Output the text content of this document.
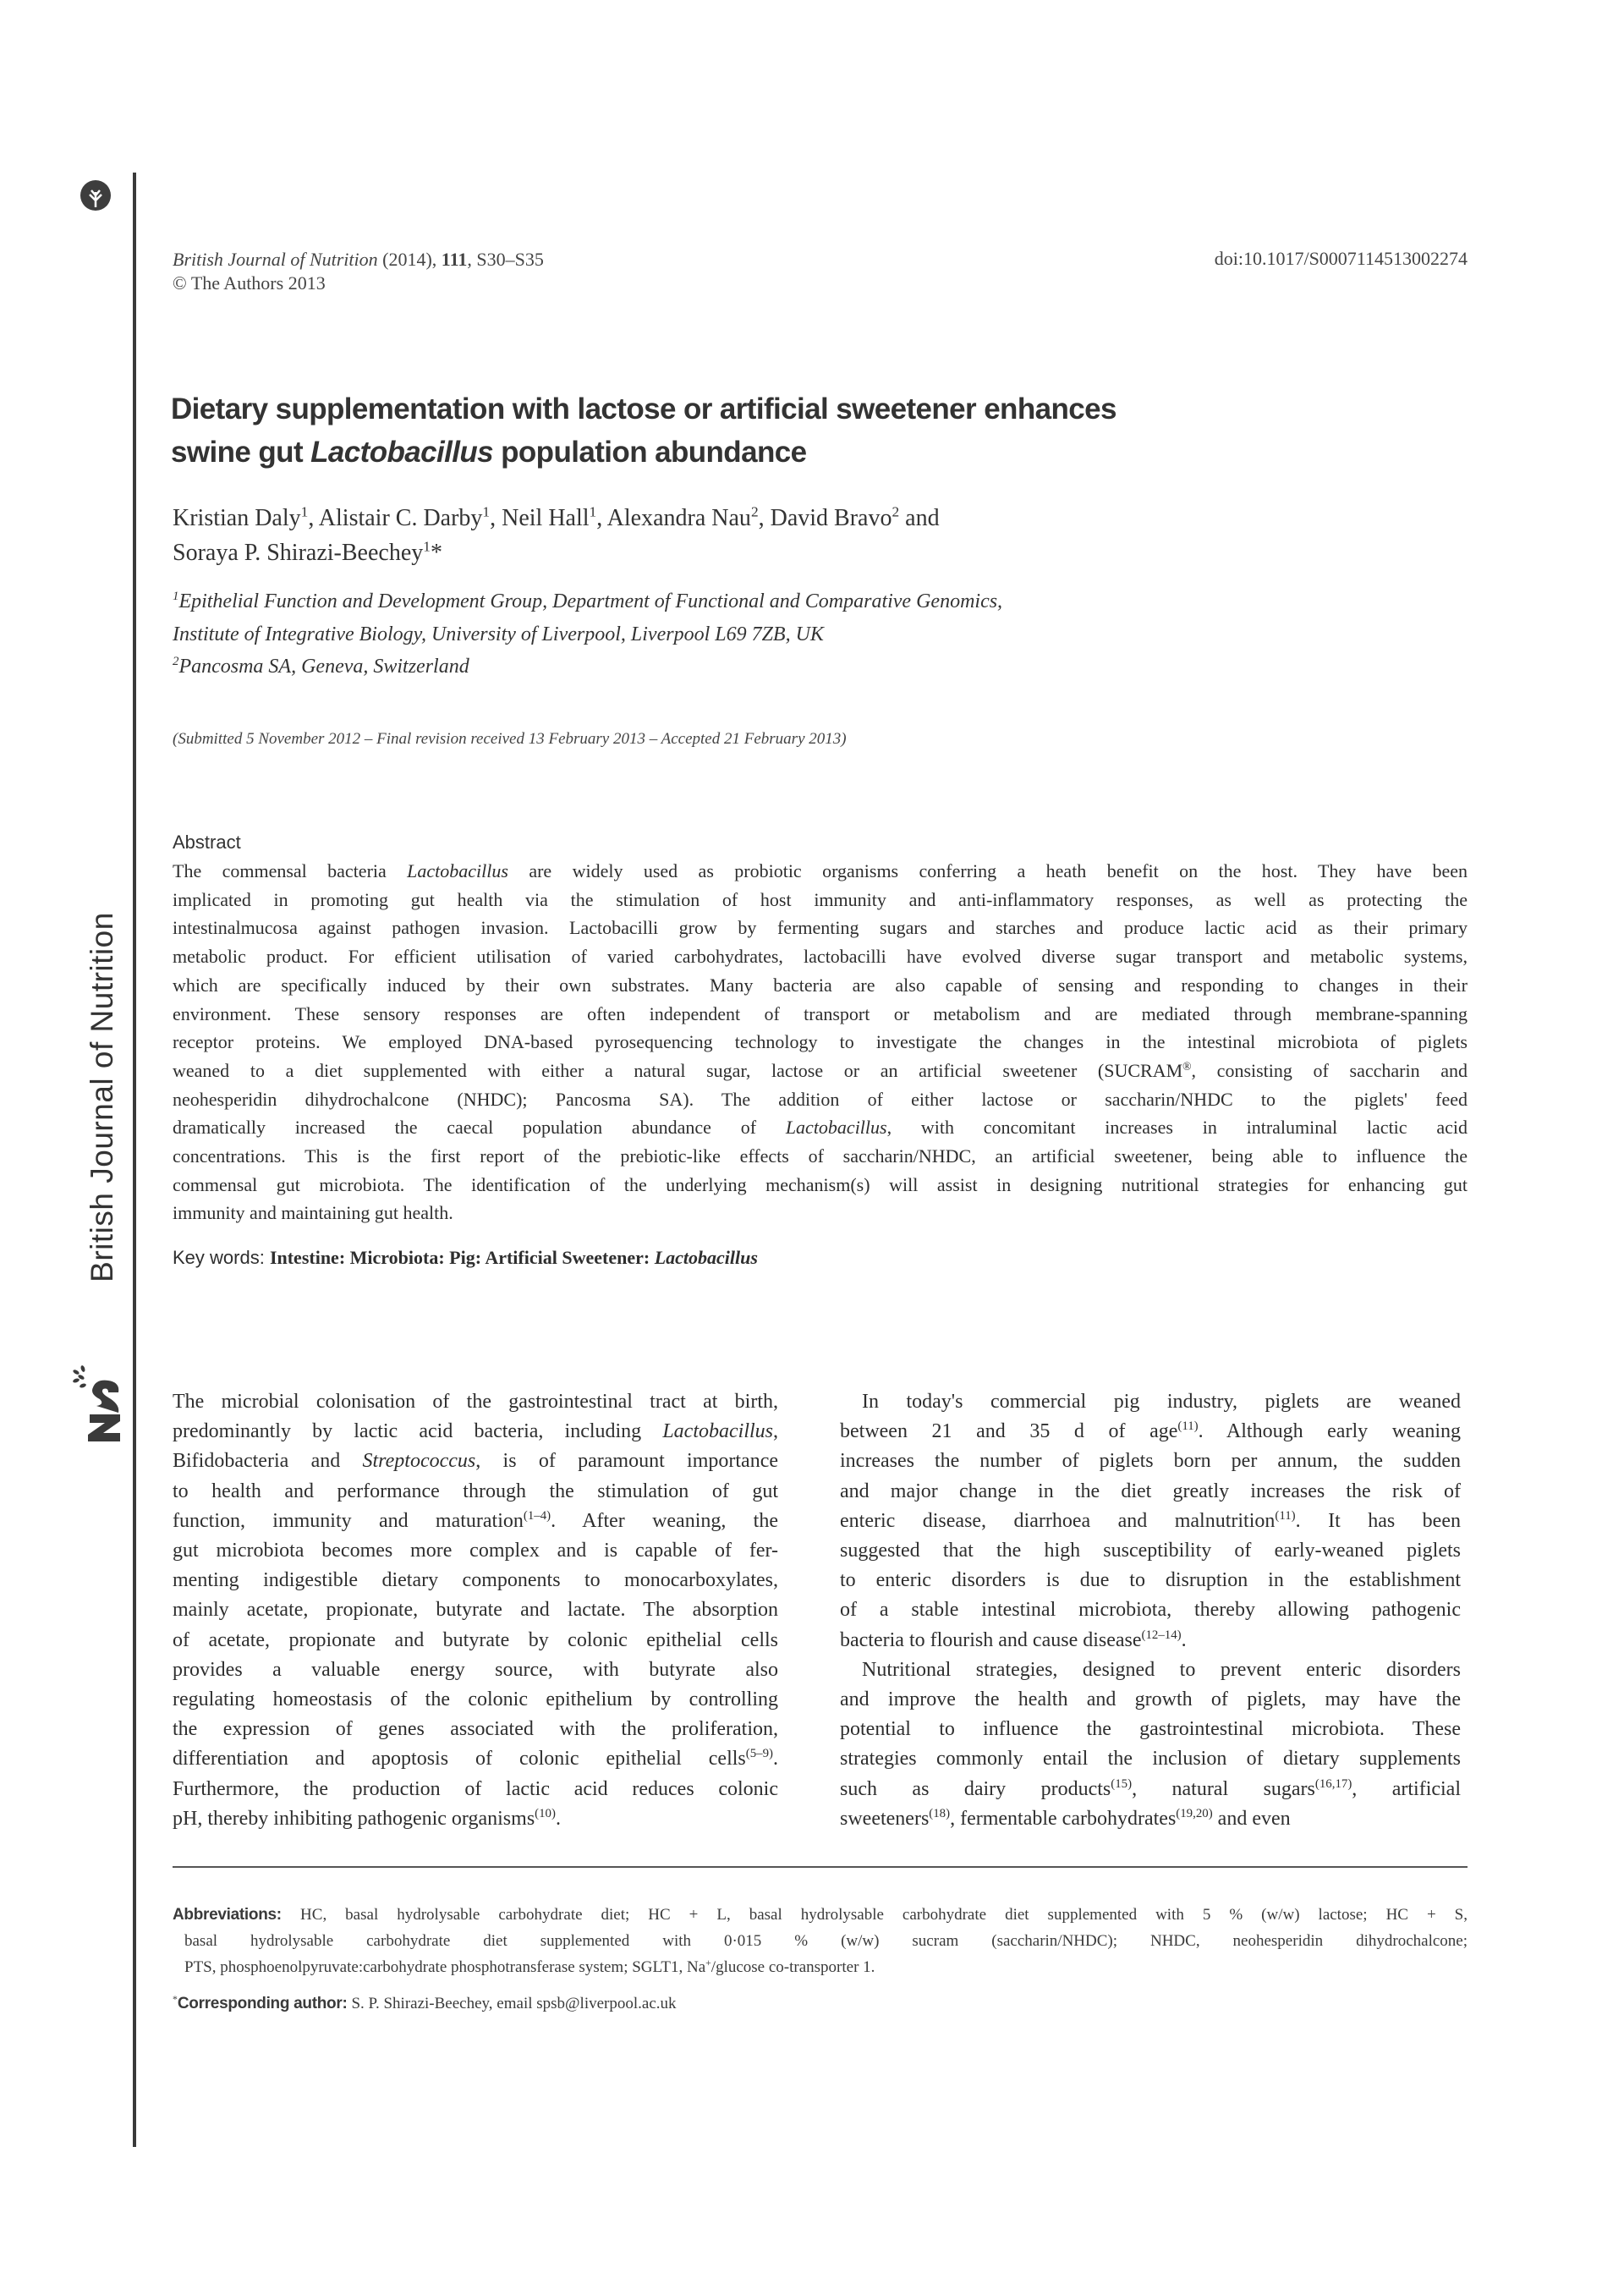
British Journal of Nutrition
British Journal of Nutrition (2014), 111, S30–S35
© The Authors 2013
doi:10.1017/S0007114513002274
Dietary supplementation with lactose or artificial sweetener enhances
swine gut Lactobacillus population abundance
Kristian Daly$^1$, Alistair C. Darby$^1$, Neil Hall$^1$, Alexandra Nau$^2$, David Bravo$^2$ and
Soraya P. Shirazi-Beechey$^1$*
$^1$Epithelial Function and Development Group, Department of Functional and Comparative Genomics,
Institute of Integrative Biology, University of Liverpool, Liverpool L69 7ZB, UK
$^2$Pancosma SA, Geneva, Switzerland
(Submitted 5 November 2012 – Final revision received 13 February 2013 – Accepted 21 February 2013)
Abstract
The commensal bacteria Lactobacillus are widely used as probiotic organisms conferring a heath benefit on the host. They have been
implicated in promoting gut health via the stimulation of host immunity and anti-inflammatory responses, as well as protecting the
intestinalmucosa against pathogen invasion. Lactobacilli grow by fermenting sugars and starches and produce lactic acid as their primary
metabolic product. For efficient utilisation of varied carbohydrates, lactobacilli have evolved diverse sugar transport and metabolic systems,
which are specifically induced by their own substrates. Many bacteria are also capable of sensing and responding to changes in their
environment. These sensory responses are often independent of transport or metabolism and are mediated through membrane-spanning
receptor proteins. We employed DNA-based pyrosequencing technology to investigate the changes in the intestinal microbiota of piglets
weaned to a diet supplemented with either a natural sugar, lactose or an artificial sweetener (SUCRAM®, consisting of saccharin and
neohesperidin dihydrochalcone (NHDC); Pancosma SA). The addition of either lactose or saccharin/NHDC to the piglets' feed
dramatically increased the caecal population abundance of Lactobacillus, with concomitant increases in intraluminal lactic acid
concentrations. This is the first report of the prebiotic-like effects of saccharin/NHDC, an artificial sweetener, being able to influence the
commensal gut microbiota. The identification of the underlying mechanism(s) will assist in designing nutritional strategies for enhancing gut
immunity and maintaining gut health.
Key words: Intestine: Microbiota: Pig: Artificial Sweetener: Lactobacillus
The microbial colonisation of the gastrointestinal tract at birth,
predominantly by lactic acid bacteria, including Lactobacillus,
Bifidobacteria and Streptococcus, is of paramount importance
to health and performance through the stimulation of gut
function, immunity and maturation$^{(1-4)}$. After weaning, the
gut microbiota becomes more complex and is capable of fer-
menting indigestible dietary components to monocarboxylates,
mainly acetate, propionate, butyrate and lactate. The absorption
of acetate, propionate and butyrate by colonic epithelial cells
provides a valuable energy source, with butyrate also
regulating homeostasis of the colonic epithelium by controlling
the expression of genes associated with the proliferation,
differentiation and apoptosis of colonic epithelial cells$^{(5-9)}$.
Furthermore, the production of lactic acid reduces colonic
pH, thereby inhibiting pathogenic organisms$^{(10)}$.
In today's commercial pig industry, piglets are weaned
between 21 and 35 d of age$^{(11)}$. Although early weaning
increases the number of piglets born per annum, the sudden
and major change in the diet greatly increases the risk of
enteric disease, diarrhoea and malnutrition$^{(11)}$. It has been
suggested that the high susceptibility of early-weaned piglets
to enteric disorders is due to disruption in the establishment
of a stable intestinal microbiota, thereby allowing pathogenic
bacteria to flourish and cause disease$^{(12-14)}$.
Nutritional strategies, designed to prevent enteric disorders
and improve the health and growth of piglets, may have the
potential to influence the gastrointestinal microbiota. These
strategies commonly entail the inclusion of dietary supplements
such as dairy products$^{(15)}$, natural sugars$^{(16,17)}$, artificial
sweeteners$^{(18)}$, fermentable carbohydrates$^{(19,20)}$ and even
Abbreviations: HC, basal hydrolysable carbohydrate diet; HC + L, basal hydrolysable carbohydrate diet supplemented with 5 % (w/w) lactose; HC + S,
basal hydrolysable carbohydrate diet supplemented with 0·015 % (w/w) sucram (saccharin/NHDC); NHDC, neohesperidin dihydrochalcone;
PTS, phosphoenolpyruvate:carbohydrate phosphotransferase system; SGLT1, Na+/glucose co-transporter 1.
*Corresponding author: S. P. Shirazi-Beechey, email spsb@liverpool.ac.uk
